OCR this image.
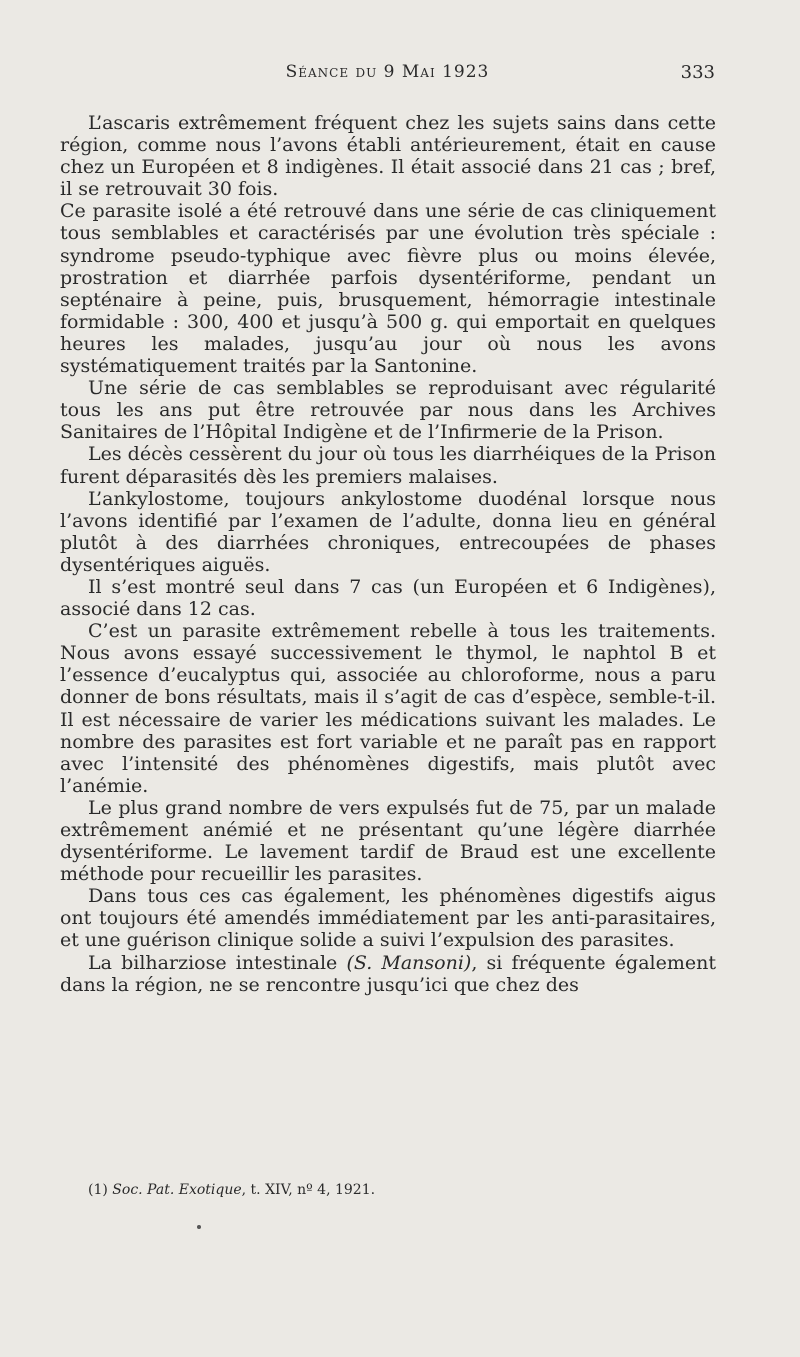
Séance du 9 Mai 1923	333

L’ascaris extrêmement fréquent chez les sujets sains dans cette région, comme nous l’avons établi antérieurement, était en cause chez un Européen et 8 indigènes. Il était associé dans 21 cas ; bref, il se retrouvait 30 fois.

Ce parasite isolé a été retrouvé dans une série de cas cliniquement tous semblables et caractérisés par une évolution très spéciale : syndrome pseudo-typhique avec fièvre plus ou moins élevée, prostration et diarrhée parfois dysentériforme, pendant un septénaire à peine, puis, brusquement, hémorragie intestinale formidable : 300, 400 et jusqu’à 500 g. qui emportait en quelques heures les malades, jusqu’au jour où nous les avons systématiquement traités par la Santonine.

Une série de cas semblables se reproduisant avec régularité tous les ans put être retrouvée par nous dans les Archives Sanitaires de l’Hôpital Indigène et de l’Infirmerie de la Prison.

Les décès cessèrent du jour où tous les diarrhéiques de la Prison furent déparasités dès les premiers malaises.

L’ankylostome, toujours ankylostome duodénal lorsque nous l’avons identifié par l’examen de l’adulte, donna lieu en général plutôt à des diarrhées chroniques, entrecoupées de phases dysentériques aiguës.

Il s’est montré seul dans 7 cas (un Européen et 6 Indigènes), associé dans 12 cas.

C’est un parasite extrêmement rebelle à tous les traitements. Nous avons essayé successivement le thymol, le naphtol B et l’essence d’eucalyptus qui, associée au chloroforme, nous a paru donner de bons résultats, mais il s’agit de cas d’espèce, semble-t-il. Il est nécessaire de varier les médications suivant les malades. Le nombre des parasites est fort variable et ne paraît pas en rapport avec l’intensité des phénomènes digestifs, mais plutôt avec l’anémie.

Le plus grand nombre de vers expulsés fut de 75, par un malade extrêmement anémié et ne présentant qu’une légère diarrhée dysentériforme. Le lavement tardif de Braud est une excellente méthode pour recueillir les parasites.

Dans tous ces cas également, les phénomènes digestifs aigus ont toujours été amendés immédiatement par les anti-parasitaires, et une guérison clinique solide a suivi l’expulsion des parasites.

La bilharziose intestinale (S. Mansoni), si fréquente également dans la région, ne se rencontre jusqu’ici que chez des

(1) Soc. Pat. Exotique, t. XIV, nº 4, 1921.
